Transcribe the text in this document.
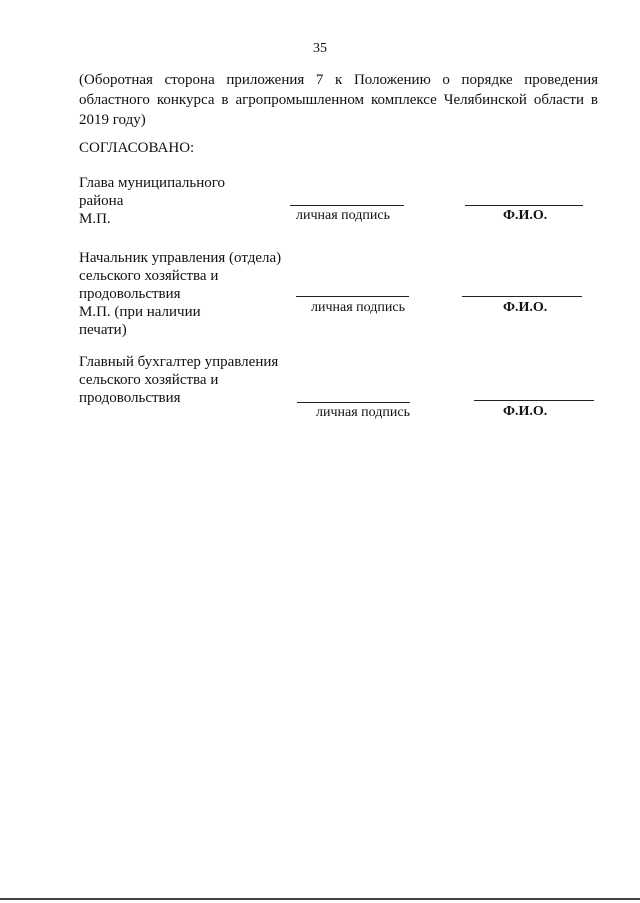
35
(Оборотная сторона приложения 7 к Положению о порядке проведения
областного конкурса в агропромышленном комплексе Челябинской области в
2019 году)
СОГЛАСОВАНО:
Глава муниципального
района
М.П.	личная подпись	Ф.И.О.
Начальник управления (отдела)
сельского хозяйства и
продовольствия
М.П. (при наличии
печати)
личная подпись	Ф.И.О.
Главный бухгалтер управления
сельского хозяйства и
продовольствия
личная подпись	Ф.И.О.
